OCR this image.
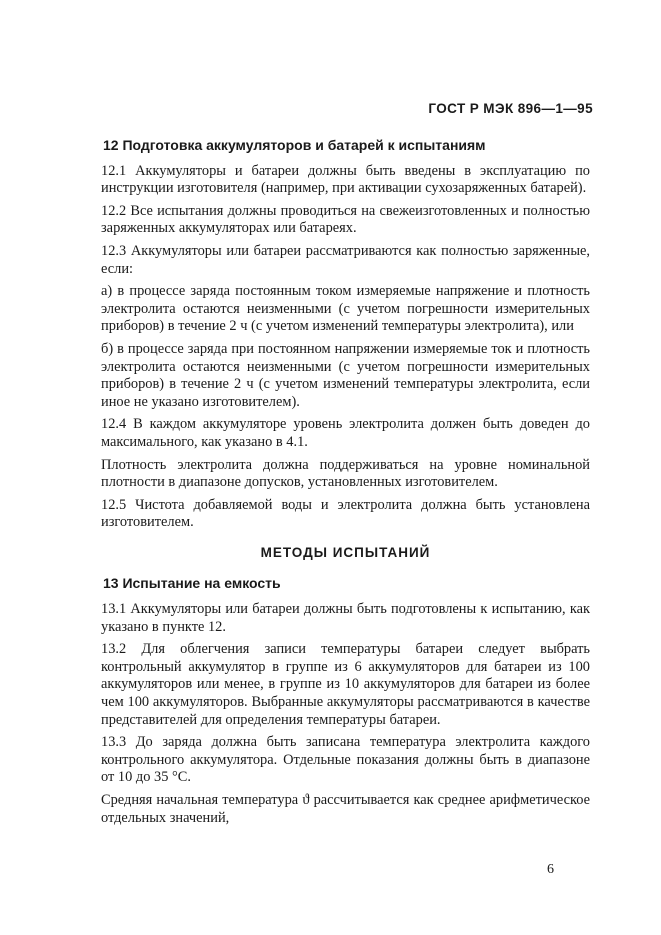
ГОСТ Р МЭК 896—1—95
12 Подготовка аккумуляторов и батарей к испытаниям
12.1 Аккумуляторы и батареи должны быть введены в эксплуатацию по инструкции изготовителя (например, при активации сухозаряженных батарей).
12.2 Все испытания должны проводиться на свежеизготовленных и полностью заряженных аккумуляторах или батареях.
12.3 Аккумуляторы или батареи рассматриваются как полностью заряженные, если:
а) в процессе заряда постоянным током измеряемые напряжение и плотность электролита остаются неизменными (с учетом погрешности измерительных приборов) в течение 2 ч (с учетом изменений температуры электролита), или
б) в процессе заряда при постоянном напряжении измеряемые ток и плотность электролита остаются неизменными (с учетом погрешности измерительных приборов) в течение 2 ч (с учетом изменений температуры электролита, если иное не указано изготовителем).
12.4 В каждом аккумуляторе уровень электролита должен быть доведен до максимального, как указано в 4.1.
Плотность электролита должна поддерживаться на уровне номинальной плотности в диапазоне допусков, установленных изготовителем.
12.5 Чистота добавляемой воды и электролита должна быть установлена изготовителем.
МЕТОДЫ ИСПЫТАНИЙ
13 Испытание на емкость
13.1 Аккумуляторы или батареи должны быть подготовлены к испытанию, как указано в пункте 12.
13.2 Для облегчения записи температуры батареи следует выбрать контрольный аккумулятор в группе из 6 аккумуляторов для батареи из 100 аккумуляторов или менее, в группе из 10 аккумуляторов для батареи из более чем 100 аккумуляторов. Выбранные аккумуляторы рассматриваются в качестве представителей для определения температуры батареи.
13.3 До заряда должна быть записана температура электролита каждого контрольного аккумулятора. Отдельные показания должны быть в диапазоне от 10 до 35 °С.
Средняя начальная температура ϑ рассчитывается как среднее арифметическое отдельных значений,
6
